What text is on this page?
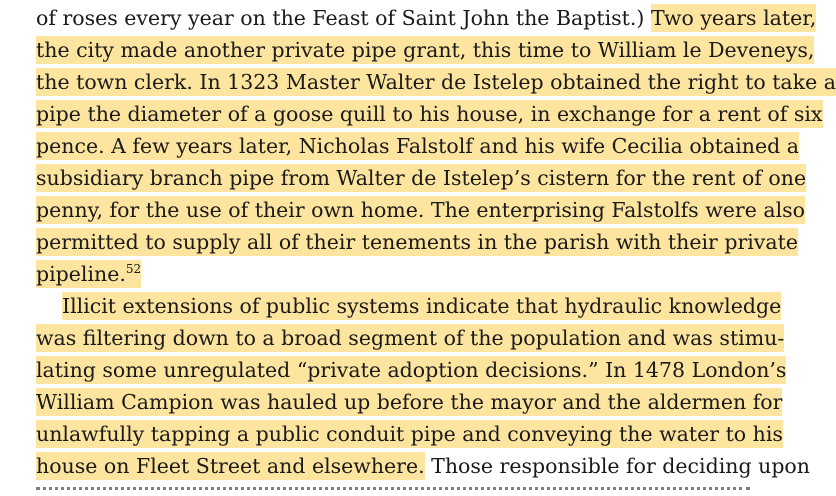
of roses every year on the Feast of Saint John the Baptist.) Two years later,
the city made another private pipe grant, this time to William le Deveneys,
the town clerk. In 1323 Master Walter de Istelep obtained the right to take a
pipe the diameter of a goose quill to his house, in exchange for a rent of six
pence. A few years later, Nicholas Falstolf and his wife Cecilia obtained a
subsidiary branch pipe from Walter de Istelep’s cistern for the rent of one
penny, for the use of their own home. The enterprising Falstolfs were also
permitted to supply all of their tenements in the parish with their private
pipeline.$^{52}$
Illicit extensions of public systems indicate that hydraulic knowledge
was filtering down to a broad segment of the population and was stimu-
lating some unregulated “private adoption decisions.” In 1478 London’s
William Campion was hauled up before the mayor and the aldermen for
unlawfully tapping a public conduit pipe and conveying the water to his
house on Fleet Street and elsewhere. Those responsible for deciding upon
